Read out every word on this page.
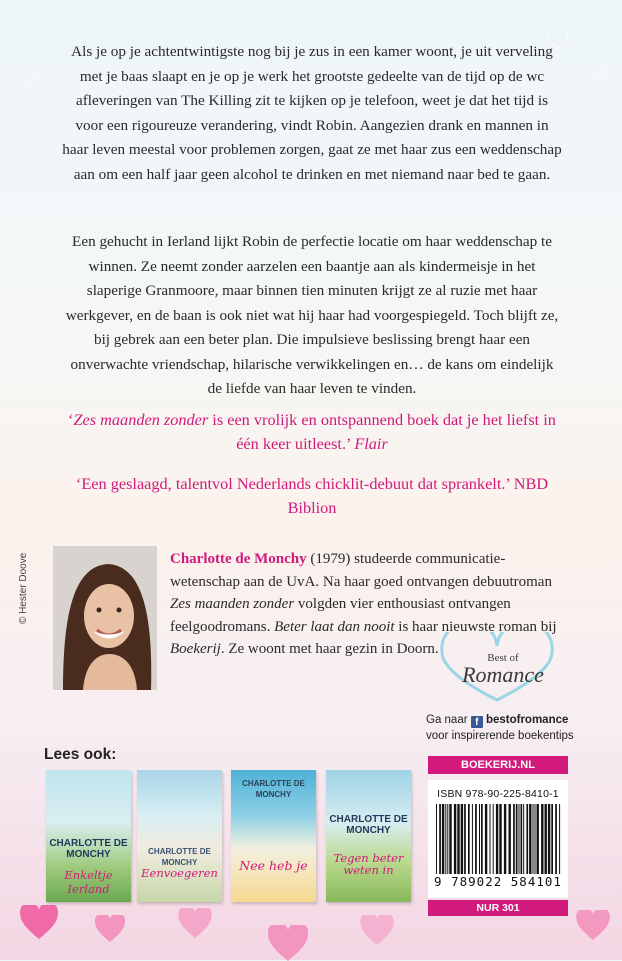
Als je op je achtentwintigste nog bij je zus in een kamer woont, je uit verveling met je baas slaapt en je op je werk het grootste gedeelte van de tijd op de wc afleveringen van The Killing zit te kijken op je telefoon, weet je dat het tijd is voor een rigoureuze verandering, vindt Robin. Aangezien drank en mannen in haar leven meestal voor problemen zorgen, gaat ze met haar zus een weddenschap aan om een half jaar geen alcohol te drinken en met niemand naar bed te gaan.

Een gehucht in Ierland lijkt Robin de perfectie locatie om haar weddenschap te winnen. Ze neemt zonder aarzelen een baantje aan als kindermeisje in het slaperige Granmoore, maar binnen tien minuten krijgt ze al ruzie met haar werkgever, en de baan is ook niet wat hij haar had voorgespiegeld. Toch blijft ze, bij gebrek aan een beter plan. Die impulsieve beslissing brengt haar een onverwachte vriendschap, hilarische verwikkelingen en… de kans om eindelijk de liefde van haar leven te vinden.

‘Zes maanden zonder is een vrolijk en ontspannend boek dat je het liefst in één keer uitleest.’ Flair
‘Een geslaagd, talentvol Nederlands chicklit-debuut dat sprankelt.’ NBD Biblion
© Hester Doove	Charlotte de Monchy (1979) studeerde communicatiewetenschap aan de UvA. Na haar goed ontvangen debuutroman Zes maanden zonder volgden vier enthousiast ontvangen feelgoodromans. Beter laat dan nooit is haar nieuwste roman bij Boekerij. Ze woont met haar gezin in Doorn.
Best of
Romance
Ga naar f bestofromance
voor inspirerende boekentips
BOEKERIJ.NL
ISBN 978-90-225-8410-1
9 789022 584101
NUR 301
Lees ook:
CHARLOTTE DE MONCHY
Enkeltje Ierland
CHARLOTTE DE MONCHY
Eenvoegeren
CHARLOTTE DE MONCHY
Nee heb je
CHARLOTTE DE MONCHY
Tegen beter weten in
